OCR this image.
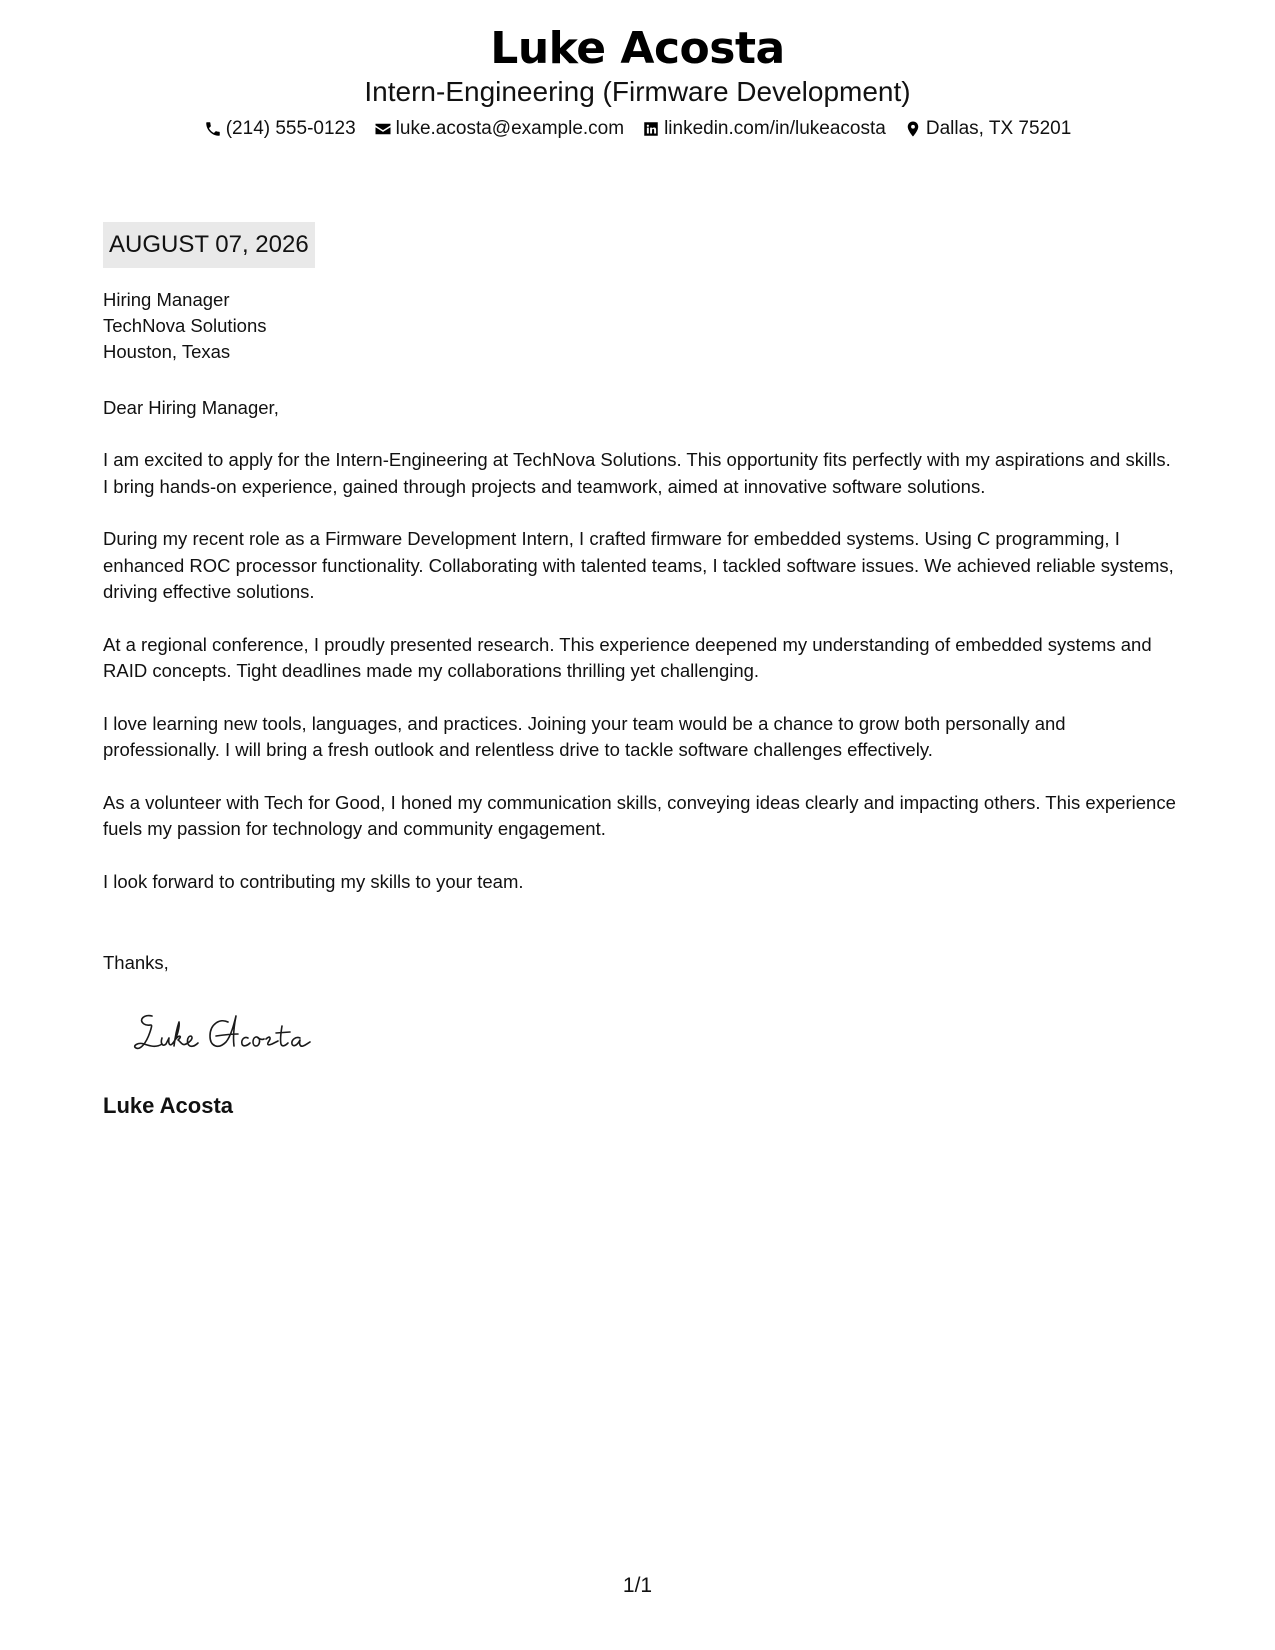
Luke Acosta
Intern-Engineering (Firmware Development)
(214) 555-0123 luke.acosta@example.com linkedin.com/in/lukeacosta Dallas, TX 75201
AUGUST 07, 2026
Hiring Manager
TechNova Solutions
Houston, Texas
Dear Hiring Manager,

I am excited to apply for the Intern-Engineering at TechNova Solutions. This opportunity fits perfectly with my aspirations and skills. I bring hands-on experience, gained through projects and teamwork, aimed at innovative software solutions.

During my recent role as a Firmware Development Intern, I crafted firmware for embedded systems. Using C programming, I enhanced ROC processor functionality. Collaborating with talented teams, I tackled software issues. We achieved reliable systems, driving effective solutions.

At a regional conference, I proudly presented research. This experience deepened my understanding of embedded systems and RAID concepts. Tight deadlines made my collaborations thrilling yet challenging.

I love learning new tools, languages, and practices. Joining your team would be a chance to grow both personally and professionally. I will bring a fresh outlook and relentless drive to tackle software challenges effectively.

As a volunteer with Tech for Good, I honed my communication skills, conveying ideas clearly and impacting others. This experience fuels my passion for technology and community engagement.

I look forward to contributing my skills to your team.

Thanks,
Luke Acosta
1/1
